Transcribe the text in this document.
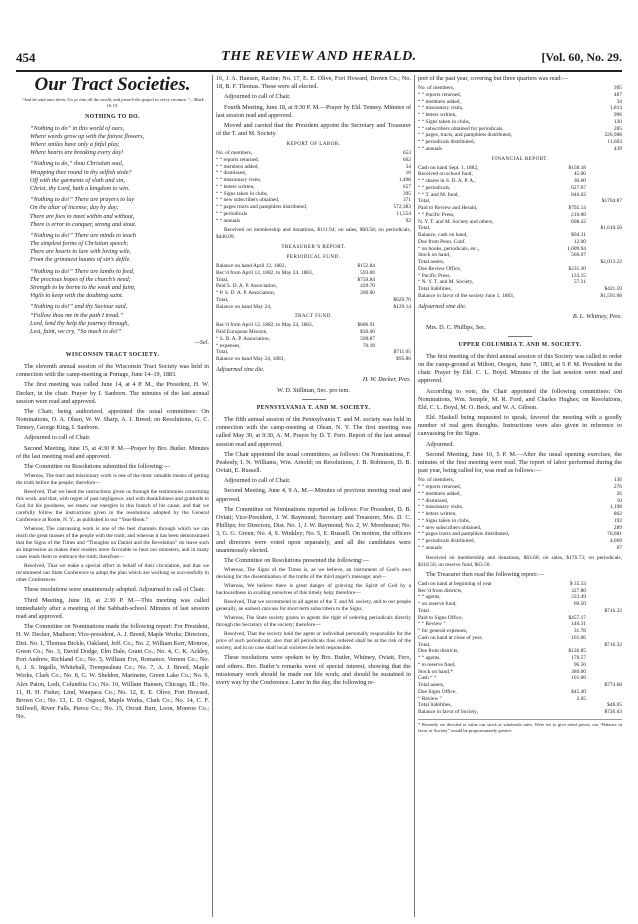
454	THE REVIEW AND HERALD.	[Vol. 60, No. 29.
Our Tract Societies.
“And he said unto them, Go ye into all the world, and preach the gospel to every creature.”—Mark 16:15.
NOTHING TO DO.
“Nothing to do” in this world of ours,
Where weeds grow up with the fairest flowers,
Where smiles have only a fitful play,
Where hearts are breaking every day!
“Nothing to do,” thou Christian soul,
Wrapping thee round in thy selfish stole?
Off with the garments of sloth and sin,
Christ, thy Lord, hath a kingdom to win.
“Nothing to do!” There are prayers to lay
On the altar of incense, day by day;
There are foes to meet within and without,
There is error to conquer, strong and stout.
“Nothing to do!” There are minds to teach
The simplest forms of Christian speech;
There are hearts to lure with loving wile,
From the grimmest haunts of sin’s defile.
“Nothing to do!” There are lambs to feed,
The precious hopes of the church’s need;
Strength to be borne to the weak and faint,
Vigils to keep with the doubting saint.
“Nothing to do!” and thy Saviour said,
“Follow thou me in the path I tread.”
Lord, lend thy help the journey through,
Lest, faint, we cry, “So much to do!”
—Sel.
WISCONSIN TRACT SOCIETY.

The eleventh annual session of the Wisconsin Tract Society was held in connection with the camp-meeting at Portage, June 14–19, 1883.

The first meeting was called June 14, at 4 P. M., the President, H. W. Decker, in the chair. Prayer by I. Sanborn. The minutes of the last annual session were read and approved.

The Chair, being authorized, appointed the usual committees: On Nominations, O. A. Olsen, W. W. Sharp, A. J. Breed; on Resolutions, G. C. Tenney, George King, I. Sanborn.

Adjourned to call of Chair.

Second Meeting, June 15, at 4:30 P. M.—Prayer by Bro. Butler. Minutes of the last meeting read and approved.

The Committee on Resolutions submitted the following:—

Whereas, The tract and missionary work is one of the most valuable means of getting the truth before the people; therefore—

Resolved, That we heed the instructions given us through the testimonies concerning this work, and that, with regret of past negligence, and with thankfulness and gratitude to God for his goodness, we renew our energies in this branch of his cause, and that we carefully follow the instructions given in the resolutions adopted by the General Conference at Rome, N. Y., as published in our “Year-Book.”

Whereas, The canvassing work is one of the best channels through which we can reach the great masses of the people with the truth; and whereas it has been demonstrated that the Signs of the Times and “Thoughts on Daniel and the Revelation” do leave such an impression as makes their readers more favorable to hear our ministers, and in many cases leads them to embrace the truth; therefore—

Resolved, That we make a special effort in behalf of their circulation, and that we recommend our State Conference to adopt the plan which are working so successfully in other Conferences.

These resolutions were unanimously adopted. Adjourned to call of Chair.

Third Meeting, June 18, at 2:30 P. M.—This meeting was called immediately after a meeting of the Sabbath-school. Minutes of last session read and approved.

The Committee on Nominations made the following report: For President, H. W. Decker, Madison; Vice-president, A. J. Breed, Maple Works; Directors, Dist. No. 1, Thomas Bickle, Oakland, Jeff. Co.; No. 2, William Kerr, Monroe, Green Co.; No. 3, David Dodge, Elm Dale, Grant Co.; No. 4, C. K. Ackley, Port Andrew, Richland Co.; No. 5, William Fox, Romance, Vernon Co.; No. 6, J. S. Ingalls, Whitehall, Trempealeau Co.; No. 7, A. J. Breed, Maple Works, Clark Co.; No. 8, G. W. Sheldon, Marinette, Green Lake Co.; No. 9, Alex Paton, Lodi, Columbia Co.; No. 10, William Hansen, Chicago, Ill.; No. 11, H. H. Fisher, Lind, Waupaca Co.; No. 12, E. E. Olive, Fort Howard, Brown Co.; No. 13, L. D. Osgood, Maple Works, Clark Co.; No. 14, C. F. Stillwell, River Falls, Pierce Co.; No. 15, Orcutt Burr, Loon, Monroe Co.; No.

16, J. A. Hansen, Racine; No. 17, E. E. Olive, Fort Howard, Brown Co.; No. 18, B. F. Thomas. These were all elected.

Adjourned to call of Chair.

Fourth Meeting, June 18, at 9:30 P. M.—Prayer by Eld. Tenney. Minutes of last session read and approved.

Moved and carried that the President appoint the Secretary and Treasurer of the T. and M. Society.

REPORT OF LABOR.
No. of members,	653
“ “ reports returned,	662
“ “ members added,	34
“ “ dismissed,	16
“ “ missionary visits,	1,408
“ “ letters written,	657
“ “ Signs taken in clubs,	395
“ “ new subscribers obtained,	371
“ “ pages tracts and pamphlets distributed,	572,383
“ “ periodicals	11,554
“ “ annuals	92

Received on membership and donations, $111.94; on sales, $60.58; on periodicals, $446.09.

TREASURER’S REPORT.
PERIODICAL FUND.
Balance on hand April 12, 1882,	$152.84	
Rec’d from April 12, 1882, to May 24, 1883,	593.00	

Total,	$759.84	
Paid S. D. A. P. Association,	429.70	
“ P. S. D. A. P. Association,	200.00	
Total,		$629.70
Balance on hand May 24,		$129.14
TRACT FUND.
Rec’d from April 12, 1882, to May 24, 1883,	$606.91	
Paid European Mission,	$30.00	
“ S. D. A. P. Association,	590.87	
“ expenses,	70.18	
Total,		$711.05
Balance on hand May 24, 1883,		$95.86

Adjourned sine die.

H. W. Decker, Pres.
W. D. Stillman, Sec. pro tem.
PENNSYLVANIA T. AND M. SOCIETY.

The fifth annual session of the Pennsylvania T. and M. society was held in connection with the camp-meeting at Olean, N. Y. The first meeting was called May 30, at 9:30, A. M. Prayer by D. T. Fero. Report of the last annual session read and approved.

The Chair appointed the usual committees, as follows: On Nominations, F. Peabody, I. N. Williams, Wm. Arnold; on Resolutions, J. B. Robinson, D. B. Oviatt, E. Russell.

Adjourned to call of Chair.

Second Meeting, June 4, 9 A. M.—Minutes of previous meeting read and approved.

The Committee on Nominations reported as follows: For President, D. B. Oviatt; Vice-President, J. W. Raymond; Secretary and Treasurer, Mrs. D. C. Phillips; for Directors, Dist. No. 1, J. W. Raymond; No. 2, W. Morehouse; No. 3, G. G. Green; No. 4, S. Winkley; No. 5, E. Russell. On motion, the officers and directors were voted upon separately, and all the candidates were unanimously elected.

The Committee on Resolutions presented the following:—

Whereas, The Signs of the Times is, as we believe, an instrument of God’s own devising for the dissemination of the truths of the third angel’s message; and—

Whereas, We believe there is great danger of grieving the Spirit of God by a backwardness in availing ourselves of this timely help; therefore—

Resolved, That we recommend to all agents of the T. and M. society, and to our people generally, an earnest canvass for short term subscribers to the Signs.

Whereas, The State society grants to agents the right of ordering periodicals directly through the Secretary of the society; therefore—

Resolved, That the society hold the agent or individual personally responsible for the price of such periodicals; also that all periodicals thus ordered shall be at the risk of the society, and in no case shall local societies be held responsible.

These resolutions were spoken to by Bro. Butler, Whitney, Oviatt, Fero, and others. Bro. Butler’s remarks were of special interest, showing that the missionary work should be made our life work; and should be sustained in every way by the Conference. Later in the day, the following re-

port of the past year, covering but three quarters was read:—

No. of members,	305
“ “ reports returned,	487
“ “ members added,	34
“ “ missionary visits,	1,813
“ “ letters written,	996
“ “ Signs taken in clubs,	120
“ “ subscribers obtained for periodicals,	285
“ “ pages, tracts, and pamphlets distributed,	226,908
“ “ periodicals distributed,	11,603
“ “ annuals	439
FINANCIAL REPORT.
Cash on hand Sept. 1, 1882,	$158.18	
Received on school fund,	45.00	
“ “ shares in S. D. A. P. A.,	30.00	
“ “ periodicals,	627.07	
“ “ T. and M. fund,	846.62	
Total,		$1704.87
Paid to Review and Herald,	$792.14	
“ “ Pacific Press,	210.00	
N. Y. T. and M. Society and others,	608.42	
Total,		$1,610.56
Balance, cash on hand,	$94.31	
Due from Penn. Conf.	12.00	
“ on books, periodicals, etc.,	1,009.94	
Stock on hand,	566.07	
Total assets,		$2,013.22
Due Review Office,	$231.30	
“ Pacific Press,	133.15	
“ N. Y. T. and M. Society,	57.31	
Total liabilities,		$421.59
Balance in favor of the society June 1, 1883,		$1,591.68

Adjourned sine die.

B. L. Whitney, Pres.
Mrs. D. C. Phillips, Sec.
UPPER COLUMBIA T. AND M. SOCIETY.

The first meeting of the third annual session of this Society was called to order on the camp-ground at Milton, Oregon, June 7, 1883, at 5 P. M. President in the chair. Prayer by Eld. C. L. Boyd. Minutes of the last session were read and approved.

According to vote, the Chair appointed the following committees: On Nominations, Wm. Semple, M. R. Ford, and Charles Hughes; on Resolutions, Eld. C. L. Boyd, M. O. Beck, and W. A. Gibson.

Eld. Haskell being requested to speak, favored the meeting with a goodly number of real gem thoughts. Instructions were also given in reference to canvassing for the Signs.

Adjourned.

Second Meeting, June 10, 5 P. M.—After the usual opening exercises, the minutes of the first meeting were read. The report of labor performed during the past year, being called for, was read as follows:—

No. of members,	136
“ “ reports returned,	276
“ “ members added,	26
“ “ dismissed,	10
“ “ missionary visits,	1,198
“ “ letters written,	862
“ “ Signs taken in clubs,	192
“ “ new subscribers obtained,	289
“ “ pages tracts and pamphlets distributed,	76,681
“ “ periodicals distributed,	4,069
“ “ annuals	87

Received on membership and donations, $63.60; on sales, $176.73; on periodicals, $318.56; on reserve fund, $63.50.

The Treasurer then read the following report:—

Cash on hand at beginning of year	$ 35.33	
Rec’d from districts,	327.80	
“ “ agents,	333.49	
“ on reserve fund,	69.50	
Total		$716.32
Paid to Signs Office,	$457.17	
“ “ Review ”	146.31	
“ for general expenses,	31.78	
Cash on hand at close of year,	101.06	
Total,		$716.32
Due from districts,	$126.85	
“ “ agents,	170.57	
“ to reserve fund,	96.50	
Stock on hand,*	380.00	
Cash “ “	101.06	
Total assets,		$774.68
Due Signs Office,	$45.40	
“ Review ”	2.65	
Total liabilities,		$48.05
Balance in favor of Society,		$726.63
* Recently we decided to value our stock at wholesale rates. Were we to give retail prices, our “Balance in favor of Society” would be proportionately greater.
